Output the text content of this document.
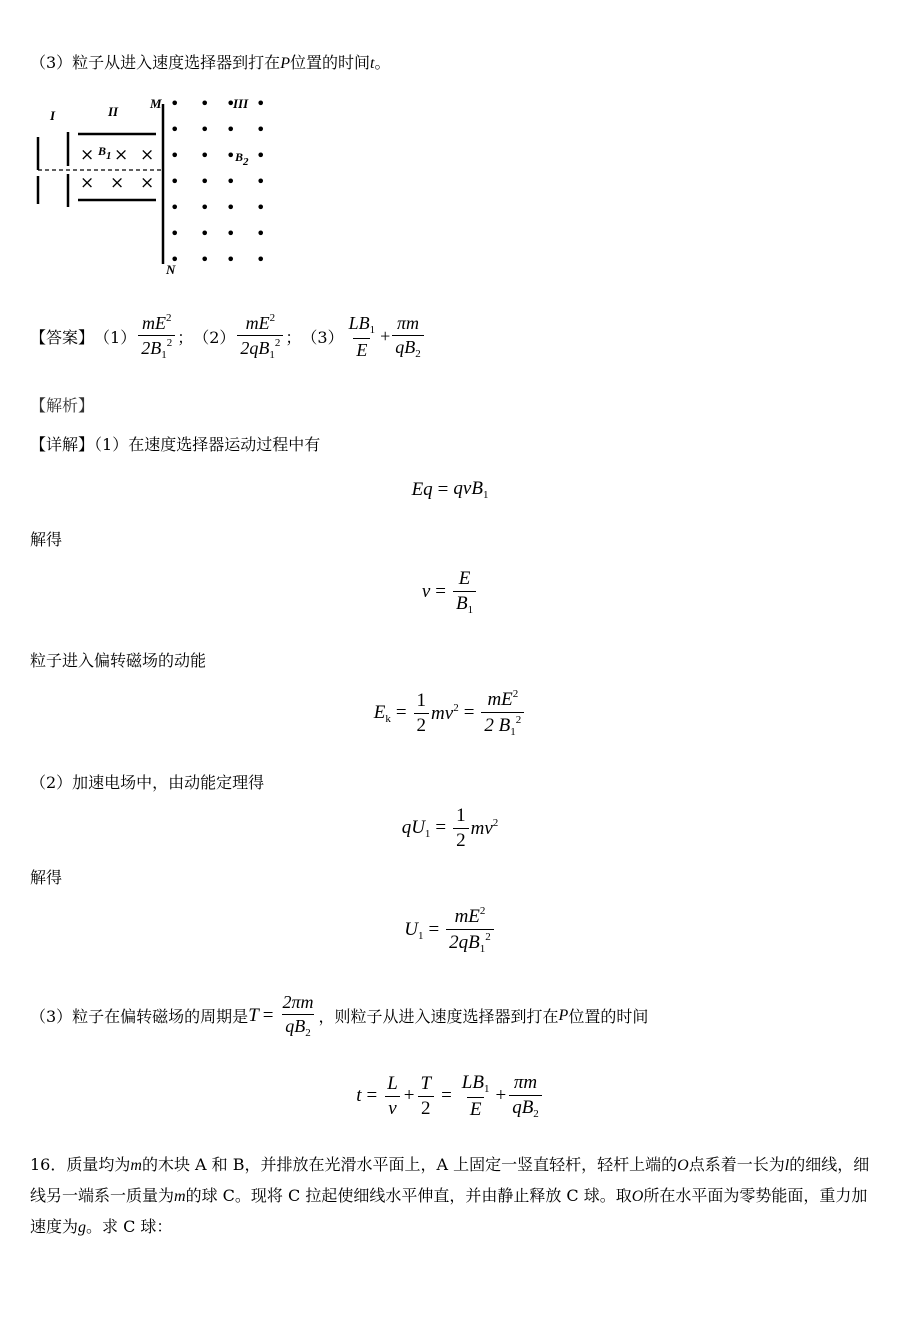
（3）粒子从进入速度选择器到打在P位置的时间t。
I	II
III
M
N
× $B_1$ × ×
× × ×
$B_2$
• • • •
• • • •
• • • •
• • • •
• • • •
• • • •
• • • •
【答案】 $(1) \frac{mE^2}{2B_1^2}$ ； $(2) \frac{mE^2}{2qB_1^2}$ ； $(3) \frac{LB_1}{E} + \frac{\pi m}{qB_2}$
【解析】
【详解】（1）在速度选择器运动过程中有
Eq = qvB$_1$
解得
$v = \frac{E}{B_1}$
粒子进入偏转磁场的动能
$E_k = \frac{1}{2} mv^2 = \frac{mE^2}{2 B_1^2}$
（2）加速电场中，由动能定理得
$qU_1 = \frac{1}{2} mv^2$
解得
$U_1 = \frac{mE^2}{2qB_1^2}$
（3）粒子在偏转磁场的周期是 $T = \frac{2\pi m}{qB_2}$ ，则粒子从进入速度选择器到打在 P 位置的时间
$t = \frac{L}{v} + \frac{T}{2} = \frac{LB_1}{E} + \frac{\pi m}{qB_2}$
16．质量均为m的木块 A 和 B，并排放在光滑水平面上，A 上固定一竖直轻杆，轻杆上端的O点系着一长为l的细线，细线另一端系一质量为m的球 C。现将 C 拉起使细线水平伸直，并由静止释放 C 球。取O所在水平面为零势能面，重力加速度为g。求 C 球：
